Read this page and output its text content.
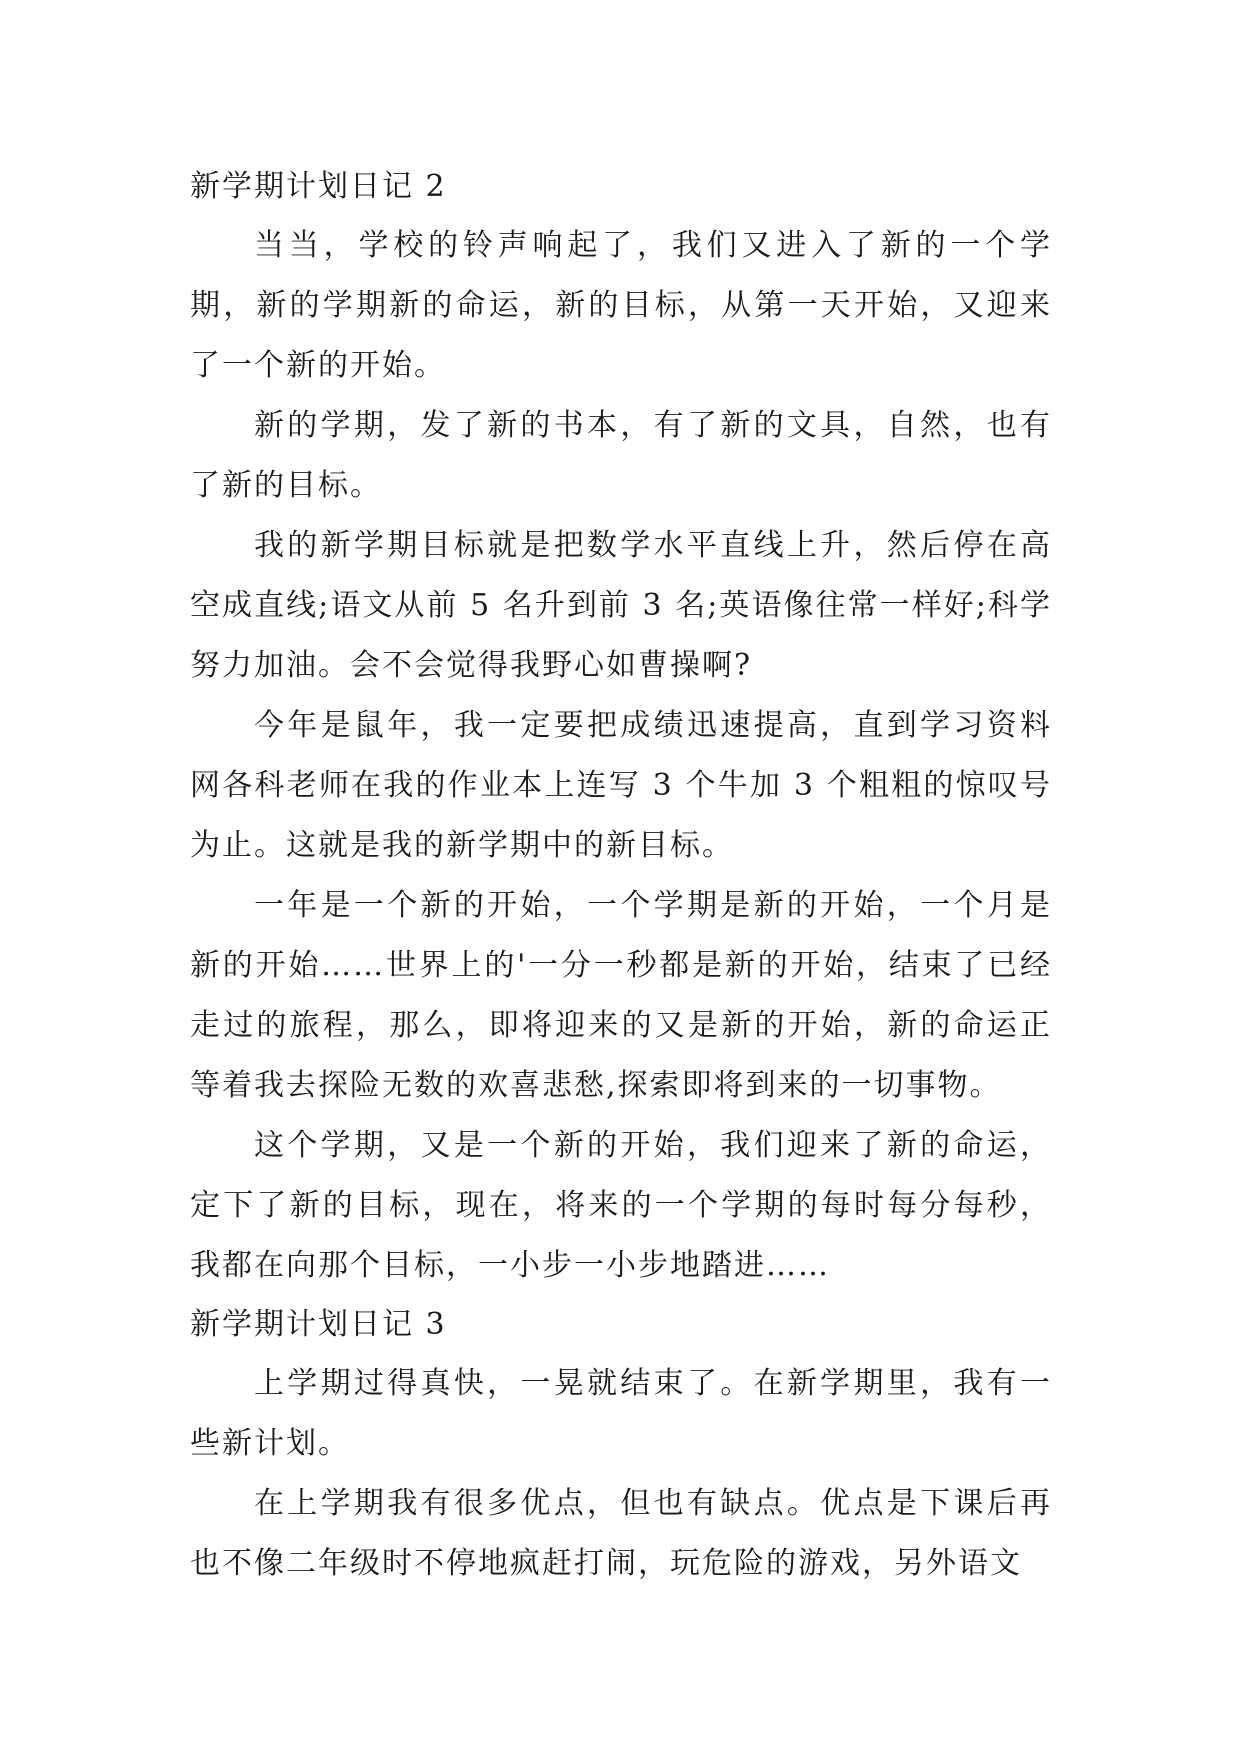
新学期计划日记 2

当当，学校的铃声响起了，我们又进入了新的一个学期，新的学期新的命运，新的目标，从第一天开始，又迎来了一个新的开始。

新的学期，发了新的书本，有了新的文具，自然，也有了新的目标。

我的新学期目标就是把数学水平直线上升，然后停在高空成直线;语文从前 5 名升到前 3 名;英语像往常一样好;科学努力加油。会不会觉得我野心如曹操啊?

今年是鼠年，我一定要把成绩迅速提高，直到学习资料网各科老师在我的作业本上连写 3 个牛加 3 个粗粗的惊叹号为止。这就是我的新学期中的新目标。

一年是一个新的开始，一个学期是新的开始，一个月是新的开始……世界上的'一分一秒都是新的开始，结束了已经走过的旅程，那么，即将迎来的又是新的开始，新的命运正等着我去探险无数的欢喜悲愁,探索即将到来的一切事物。

这个学期，又是一个新的开始，我们迎来了新的命运，定下了新的目标，现在，将来的一个学期的每时每分每秒，我都在向那个目标，一小步一小步地踏进……

新学期计划日记 3

上学期过得真快，一晃就结束了。在新学期里，我有一些新计划。

在上学期我有很多优点，但也有缺点。优点是下课后再也不像二年级时不停地疯赶打闹，玩危险的游戏，另外语文
